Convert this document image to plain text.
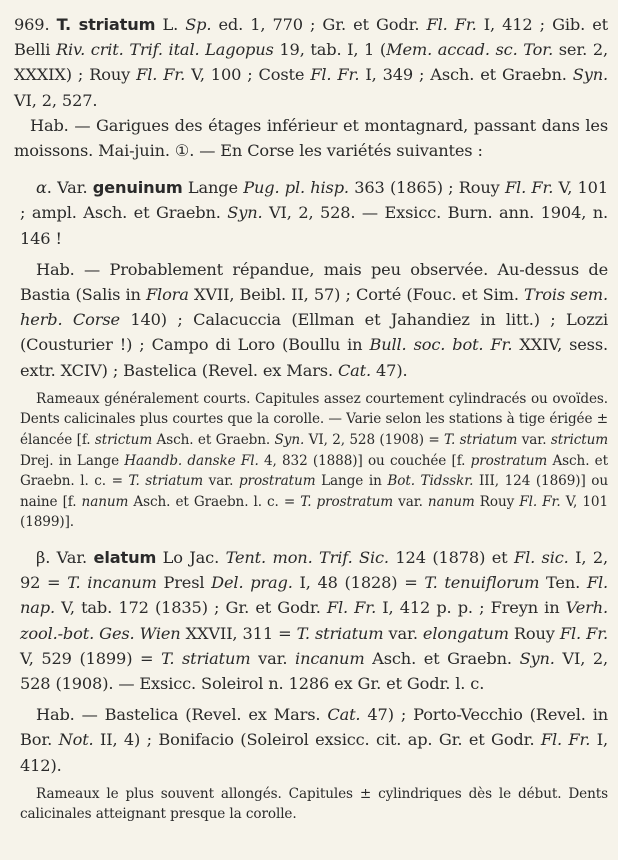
969. T. striatum L. Sp. ed. 1, 770 ; Gr. et Godr. Fl. Fr. I, 412 ; Gib. et Belli Riv. crit. Trif. ital. Lagopus 19, tab. I, 1 (Mem. accad. sc. Tor. ser. 2, XXXIX) ; Rouy Fl. Fr. V, 100 ; Coste Fl. Fr. I, 349 ; Asch. et Graebn. Syn. VI, 2, 527.

Hab. — Garigues des étages inférieur et montagnard, passant dans les moissons. Mai-juin. ①. — En Corse les variétés suivantes :

α. Var. genuinum Lange Pug. pl. hisp. 363 (1865) ; Rouy Fl. Fr. V, 101 ; ampl. Asch. et Graebn. Syn. VI, 2, 528. — Exsicc. Burn. ann. 1904, n. 146 !

Hab. — Probablement répandue, mais peu observée. Au-dessus de Bastia (Salis in Flora XVII, Beibl. II, 57) ; Corté (Fouc. et Sim. Trois sem. herb. Corse 140) ; Calacuccia (Ellman et Jahandiez in litt.) ; Lozzi (Cousturier !) ; Campo di Loro (Boullu in Bull. soc. bot. Fr. XXIV, sess. extr. XCIV) ; Bastelica (Revel. ex Mars. Cat. 47).

Rameaux généralement courts. Capitules assez courtement cylindracés ou ovoïdes. Dents calicinales plus courtes que la corolle. — Varie selon les stations à tige érigée ± élancée [f. strictum Asch. et Graebn. Syn. VI, 2, 528 (1908) = T. striatum var. strictum Drej. in Lange Haandb. danske Fl. 4, 832 (1888)] ou couchée [f. prostratum Asch. et Graebn. l. c. = T. striatum var. prostratum Lange in Bot. Tidsskr. III, 124 (1869)] ou naine [f. nanum Asch. et Graebn. l. c. = T. prostratum var. nanum Rouy Fl. Fr. V, 101 (1899)].

β. Var. elatum Lo Jac. Tent. mon. Trif. Sic. 124 (1878) et Fl. sic. I, 2, 92 = T. incanum Presl Del. prag. I, 48 (1828) = T. tenuiflorum Ten. Fl. nap. V, tab. 172 (1835) ; Gr. et Godr. Fl. Fr. I, 412 p. p. ; Freyn in Verh. zool.-bot. Ges. Wien XXVII, 311 = T. striatum var. elongatum Rouy Fl. Fr. V, 529 (1899) = T. striatum var. incanum Asch. et Graebn. Syn. VI, 2, 528 (1908). — Exsicc. Soleirol n. 1286 ex Gr. et Godr. l. c.

Hab. — Bastelica (Revel. ex Mars. Cat. 47) ; Porto-Vecchio (Revel. in Bor. Not. II, 4) ; Bonifacio (Soleirol exsicc. cit. ap. Gr. et Godr. Fl. Fr. I, 412).

Rameaux le plus souvent allongés. Capitules ± cylindriques dès le début. Dents calicinales atteignant presque la corolle.
